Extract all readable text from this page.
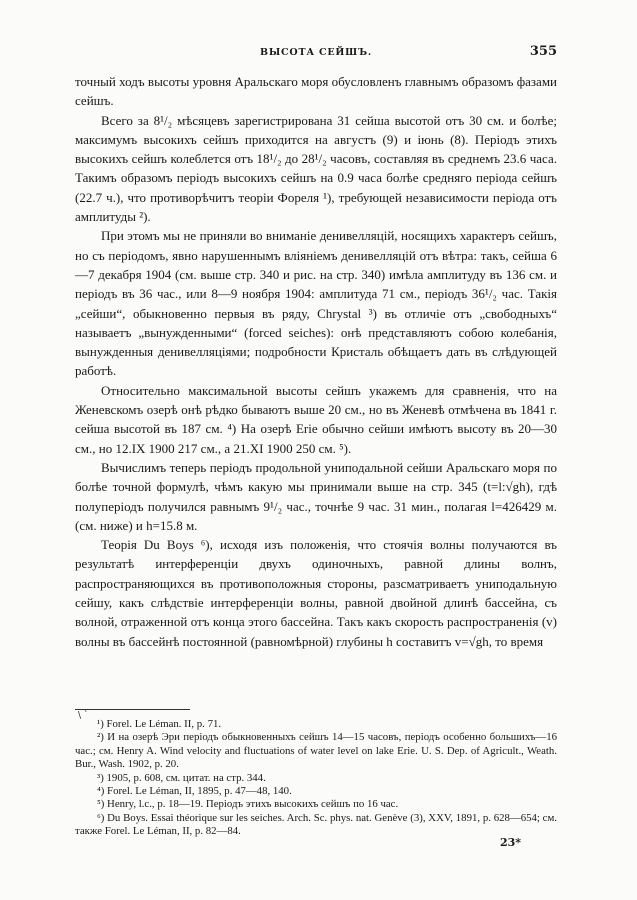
ВЫСОТА СЕЙШЪ.	355

точный ходъ высоты уровня Аральскаго моря обусловленъ главнымъ образомъ фазами сейшъ.

Всего за 8¹/₂ мѣсяцевъ зарегистрирована 31 сейша высотой отъ 30 см. и болѣе; максимумъ высокихъ сейшъ приходится на августъ (9) и іюнь (8). Періодъ этихъ высокихъ сейшъ колеблется отъ 18¹/₂ до 28¹/₂ часовъ, составляя въ среднемъ 23.6 часа. Такимъ образомъ періодъ высокихъ сейшъ на 0.9 часа болѣе средняго періода сейшъ (22.7 ч.), что противорѣчитъ теоріи Фореля ¹), требующей независимости періода отъ амплитуды ²).

При этомъ мы не приняли во вниманіе денивелляцій, носящихъ характеръ сейшъ, но съ періодомъ, явно нарушеннымъ вліяніемъ денивелляцій отъ вѣтра: такъ, сейша 6—7 декабря 1904 (см. выше стр. 340 и рис. на стр. 340) имѣла амплитуду въ 136 см. и періодъ въ 36 час., или 8—9 ноября 1904: амплитуда 71 см., періодъ 36¹/₂ час. Такія „сейши“, обыкновенно первыя въ ряду, Chrystal ³) въ отличіе отъ „свободныхъ“ называетъ „вынужденными“ (forced seiches): онѣ представляютъ собою колебанія, вынужденныя денивелляціями; подробности Кристаль обѣщаетъ дать въ слѣдующей работѣ.

Относительно максимальной высоты сейшъ укажемъ для сравненія, что на Женевскомъ озерѣ онѣ рѣдко бываютъ выше 20 см., но въ Женевѣ отмѣчена въ 1841 г. сейша высотой въ 187 см. ⁴) На озерѣ Erie обычно сейши имѣютъ высоту въ 20—30 см., но 12.IX 1900 217 см., а 21.XI 1900 250 см. ⁵).

Вычислимъ теперь періодъ продольной униподальной сейши Аральскаго моря по болѣе точной формулѣ, чѣмъ какую мы принимали выше на стр. 345 (t=l:√gh), гдѣ полуперіодъ получился равнымъ 9¹/₂ час., точнѣе 9 час. 31 мин., полагая l=426429 м. (см. ниже) и h=15.8 м.

Теорія Du Boys ⁶), исходя изъ положенія, что стоячія волны получаются въ результатѣ интерференціи двухъ одиночныхъ, равной длины волнъ, распространяющихся въ противоположныя стороны, разсматриваетъ униподальную сейшу, какъ слѣдствіе интерференціи волны, равной двойной длинѣ бассейна, съ волной, отраженной отъ конца этого бассейна. Такъ какъ скорость распространенія (v) волны въ бассейнѣ постоянной (равномѣрной) глубины h составитъ v=√gh, то время

\ ˋ
¹) Forel. Le Léman. II, p. 71.
²) И на озерѣ Эри періодъ обыкновенныхъ сейшъ 14—15 часовъ, періодъ особенно большихъ—16 час.; см. Henry A. Wind velocity and fluctuations of water level on lake Erie. U. S. Dep. of Agricult., Weath. Bur., Wash. 1902, p. 20.
³) 1905, p. 608, см. цитат. на стр. 344.
⁴) Forel. Le Léman, II, 1895, p. 47—48, 140.
⁵) Henry, l.c., p. 18—19. Періодъ этихъ высокихъ сейшъ по 16 час.
⁶) Du Boys. Essai théorique sur les seiches. Arch. Sc. phys. nat. Genève (3), XXV, 1891, p. 628—654; см. также Forel. Le Léman, II, p. 82—84.
23*
